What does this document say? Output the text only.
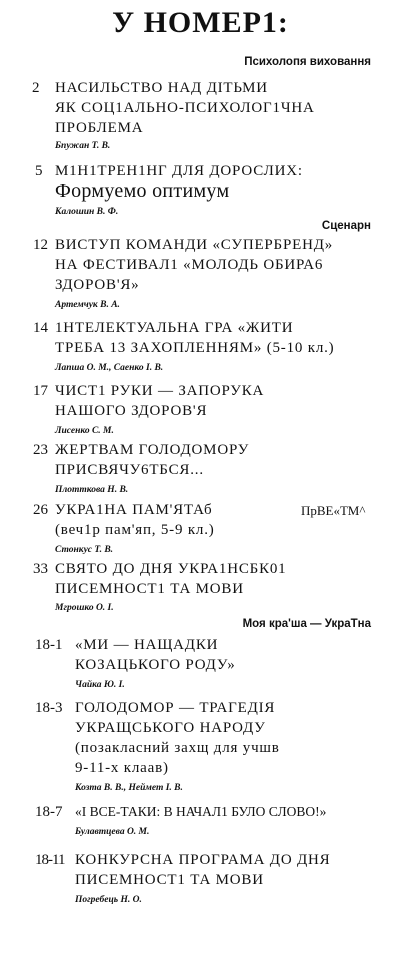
У НОМЕР1:
Психолопя виховання
2 НАСИЛЬСТВО НАД ДІТЬМИ
ЯК СОЦ1АЛЬНО-ПСИХОЛОГ1ЧНА
ПРОБЛЕМА
Бпужан Т. В.
5 М1Н1ТРЕН1НГ ДЛЯ ДОРОСЛИХ:
Формуемо оптимум
Калошин В. Ф.
Сценарн
12 ВИСТУП КОМАНДИ «СУПЕРБРЕНД»
НА ФЕСТИВАЛ1 «МОЛОДЬ ОБИРА6
ЗДОРОВ'Я»
Артемчук В. А.
14 1НТЕЛЕКТУАЛЬНА ГРА «ЖИТИ
ТРЕБА 13 ЗАХОПЛЕННЯМ» (5-10 кл.)
Лапша О. М., Саенко І. В.
17 ЧИСТ1 РУКИ — ЗАПОРУКА
НАШОГО ЗДОРОВ'Я
Лисенко С. М.
23 ЖЕРТВАМ ГОЛОДОМОРУ
ПРИСВЯЧУ6ТБСЯ...
Плотткова Н. В.
26 УКРА1НА ПАМ'ЯТАб	ПрВЕ«ТМ^
(веч1р пам'яп, 5-9 кл.)
Стонкус Т. В.
33 СВЯТО ДО ДНЯ УКРА1НСБК01
ПИСЕМНОСТ1 ТА МОВИ
Мгрошко О. І.
Моя кра'ша — УкраТна
18-1 «МИ — НАЩАДКИ
КОЗАЦЬКОГО РОДУ»
Чайка Ю. І.
18-3 ГОЛОДОМОР — ТРАГЕДІЯ
УКРАЩСЬКОГО НАРОДУ
(позакласний захщ для учшв
9-11-х клаав)
Козта В. В., Неймет І. В.
18-7 «І ВСЕ-ТАКИ: В НАЧАЛ1 БУЛО СЛОВО!»
Булавтцева О. М.
18-11 КОНКУРСНА ПРОГРАМА ДО ДНЯ
ПИСЕМНОСТ1 ТА МОВИ
Погребець Н. О.
